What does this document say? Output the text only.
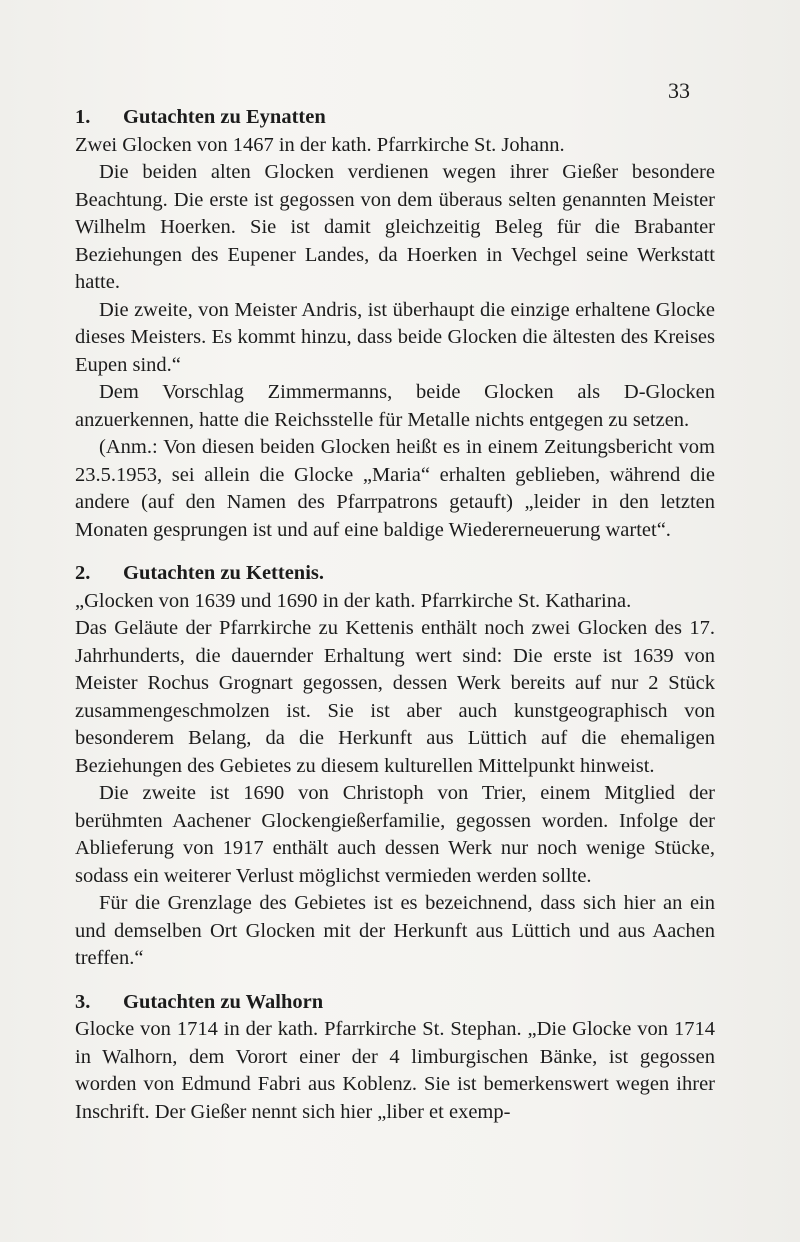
33
1.	Gutachten zu Eynatten

Zwei Glocken von 1467 in der kath. Pfarrkirche St. Johann.

Die beiden alten Glocken verdienen wegen ihrer Gießer besondere Beachtung. Die erste ist gegossen von dem überaus selten genannten Meister Wilhelm Hoerken. Sie ist damit gleichzeitig Beleg für die Brabanter Beziehungen des Eupener Landes, da Hoerken in Vechgel seine Werkstatt hatte.

Die zweite, von Meister Andris, ist überhaupt die einzige erhaltene Glocke dieses Meisters. Es kommt hinzu, dass beide Glocken die ältesten des Kreises Eupen sind.“

Dem Vorschlag Zimmermanns, beide Glocken als D-Glocken anzuerkennen, hatte die Reichsstelle für Metalle nichts entgegen zu setzen.

(Anm.: Von diesen beiden Glocken heißt es in einem Zeitungsbericht vom 23.5.1953, sei allein die Glocke „Maria“ erhalten geblieben, während die andere (auf den Namen des Pfarrpatrons getauft) „leider in den letzten Monaten gesprungen ist und auf eine baldige Wiedererneuerung wartet“.

2.	Gutachten zu Kettenis.

„Glocken von 1639 und 1690 in der kath. Pfarrkirche St. Katharina.

Das Geläute der Pfarrkirche zu Kettenis enthält noch zwei Glocken des 17. Jahrhunderts, die dauernder Erhaltung wert sind: Die erste ist 1639 von Meister Rochus Grognart gegossen, dessen Werk bereits auf nur 2 Stück zusammengeschmolzen ist. Sie ist aber auch kunstgeographisch von besonderem Belang, da die Herkunft aus Lüttich auf die ehemaligen Beziehungen des Gebietes zu diesem kulturellen Mittelpunkt hinweist.

Die zweite ist 1690 von Christoph von Trier, einem Mitglied der berühmten Aachener Glockengießerfamilie, gegossen worden. Infolge der Ablieferung von 1917 enthält auch dessen Werk nur noch wenige Stücke, sodass ein weiterer Verlust möglichst vermieden werden sollte.

Für die Grenzlage des Gebietes ist es bezeichnend, dass sich hier an ein und demselben Ort Glocken mit der Herkunft aus Lüttich und aus Aachen treffen.“

3.	Gutachten zu Walhorn

Glocke von 1714 in der kath. Pfarrkirche St. Stephan. „Die Glocke von 1714 in Walhorn, dem Vorort einer der 4 limburgischen Bänke, ist gegossen worden von Edmund Fabri aus Koblenz. Sie ist bemerkenswert wegen ihrer Inschrift. Der Gießer nennt sich hier „liber et exemp-
